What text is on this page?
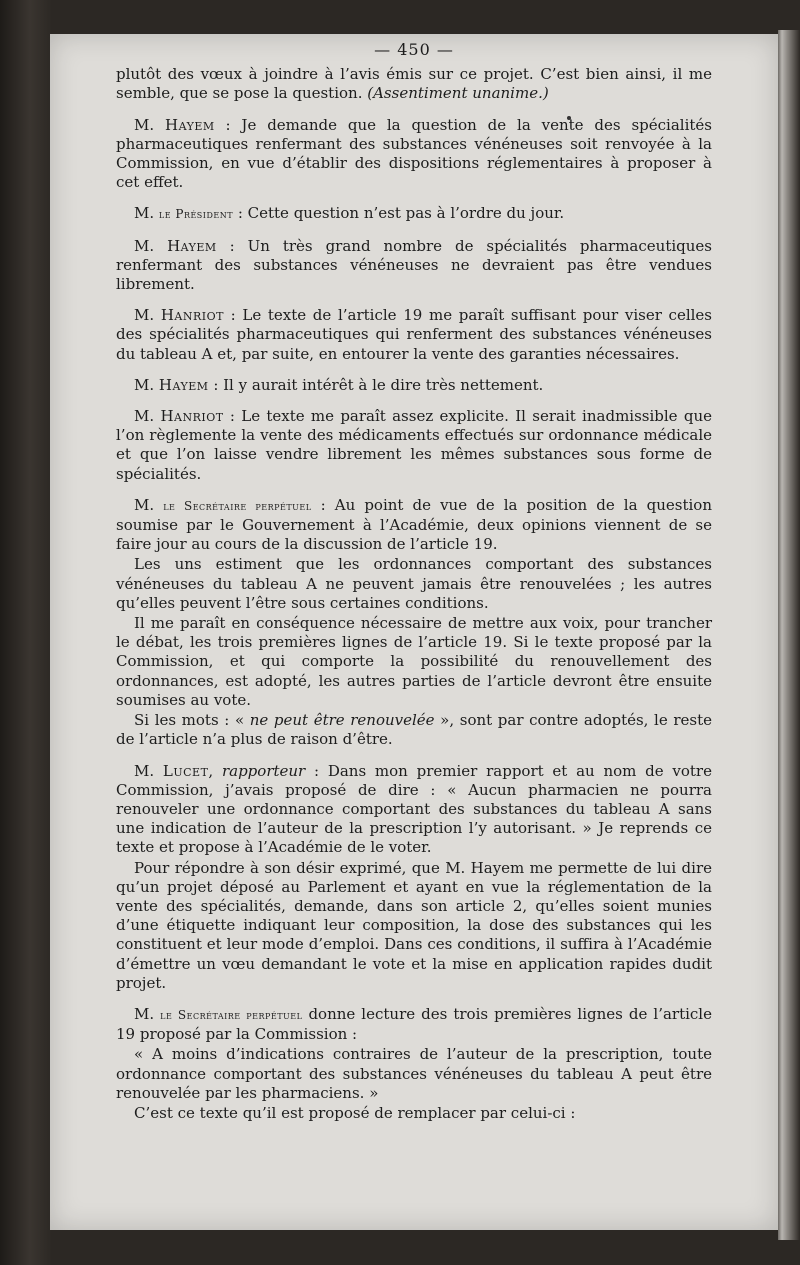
— 450 —

plutôt des vœux à joindre à l’avis émis sur ce projet. C’est bien ainsi, il me semble, que se pose la question. (Assentiment unanime.)

M. Hayem : Je demande que la question de la vente des spécialités pharmaceutiques renfermant des substances vénéneuses soit renvoyée à la Commission, en vue d’établir des dispositions réglementaires à proposer à cet effet.

M. le Président : Cette question n’est pas à l’ordre du jour.

M. Hayem : Un très grand nombre de spécialités pharmaceutiques renfermant des substances vénéneuses ne devraient pas être vendues librement.

M. Hanriot : Le texte de l’article 19 me paraît suffisant pour viser celles des spécialités pharmaceutiques qui renferment des substances vénéneuses du tableau A et, par suite, en entourer la vente des garanties nécessaires.

M. Hayem : Il y aurait intérêt à le dire très nettement.

M. Hanriot : Le texte me paraît assez explicite. Il serait inadmissible que l’on règlemente la vente des médicaments effectués sur ordonnance médicale et que l’on laisse vendre librement les mêmes substances sous forme de spécialités.

M. le Secrétaire perpétuel : Au point de vue de la position de la question soumise par le Gouvernement à l’Académie, deux opinions viennent de se faire jour au cours de la discussion de l’article 19.

Les uns estiment que les ordonnances comportant des substances vénéneuses du tableau A ne peuvent jamais être renouvelées ; les autres qu’elles peuvent l’être sous certaines conditions.

Il me paraît en conséquence nécessaire de mettre aux voix, pour trancher le débat, les trois premières lignes de l’article 19. Si le texte proposé par la Commission, et qui comporte la possibilité du renouvellement des ordonnances, est adopté, les autres parties de l’article devront être ensuite soumises au vote.

Si les mots : « ne peut être renouvelée », sont par contre adoptés, le reste de l’article n’a plus de raison d’être.

M. Lucet, rapporteur : Dans mon premier rapport et au nom de votre Commission, j’avais proposé de dire : « Aucun pharmacien ne pourra renouveler une ordonnance comportant des substances du tableau A sans une indication de l’auteur de la prescription l’y autorisant. » Je reprends ce texte et propose à l’Académie de le voter.

Pour répondre à son désir exprimé, que M. Hayem me permette de lui dire qu’un projet déposé au Parlement et ayant en vue la réglementation de la vente des spécialités, demande, dans son article 2, qu’elles soient munies d’une étiquette indiquant leur composition, la dose des substances qui les constituent et leur mode d’emploi. Dans ces conditions, il suffira à l’Académie d’émettre un vœu demandant le vote et la mise en application rapides dudit projet.

M. le Secrétaire perpétuel donne lecture des trois premières lignes de l’article 19 proposé par la Commission :

« A moins d’indications contraires de l’auteur de la prescription, toute ordonnance comportant des substances vénéneuses du tableau A peut être renouvelée par les pharmaciens. »

C’est ce texte qu’il est proposé de remplacer par celui-ci :
